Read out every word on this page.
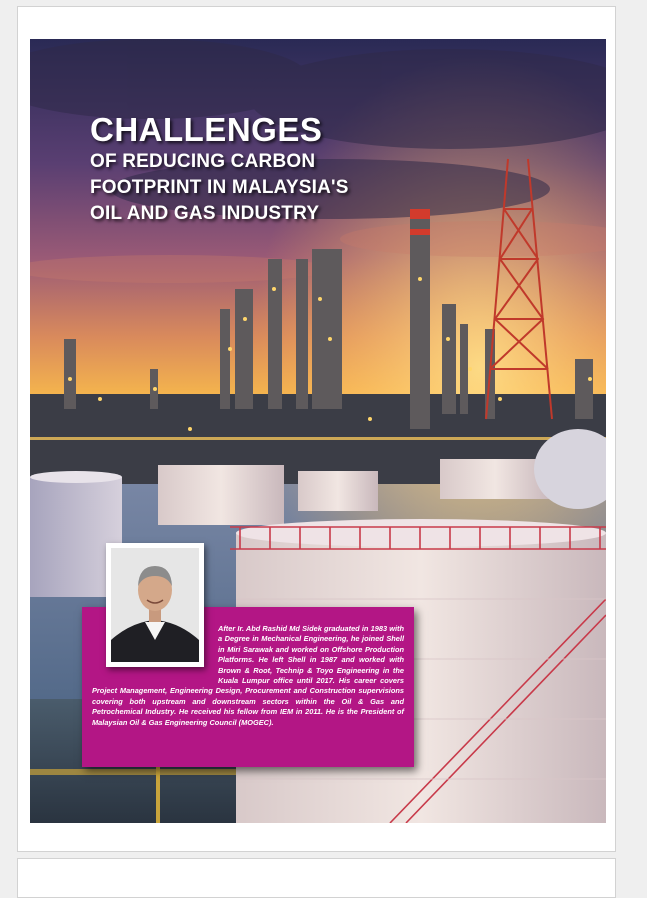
CHALLENGES
OF REDUCING CARBON
FOOTPRINT IN MALAYSIA'S
OIL AND GAS INDUSTRY

After Ir. Abd Rashid Md Sidek graduated in 1983 with a Degree in Mechanical Engineering, he joined Shell in Miri Sarawak and worked on Offshore Production Platforms. He left Shell in 1987 and worked with Brown & Root, Technip & Toyo Engineering in the Kuala Lumpur office until 2017. His career covers Project Management, Engineering Design, Procurement and Construction supervisions covering both upstream and downstream sectors within the Oil & Gas and Petrochemical Industry. He received his fellow from IEM in 2011. He is the President of Malaysian Oil & Gas Engineering Council (MOGEC).
